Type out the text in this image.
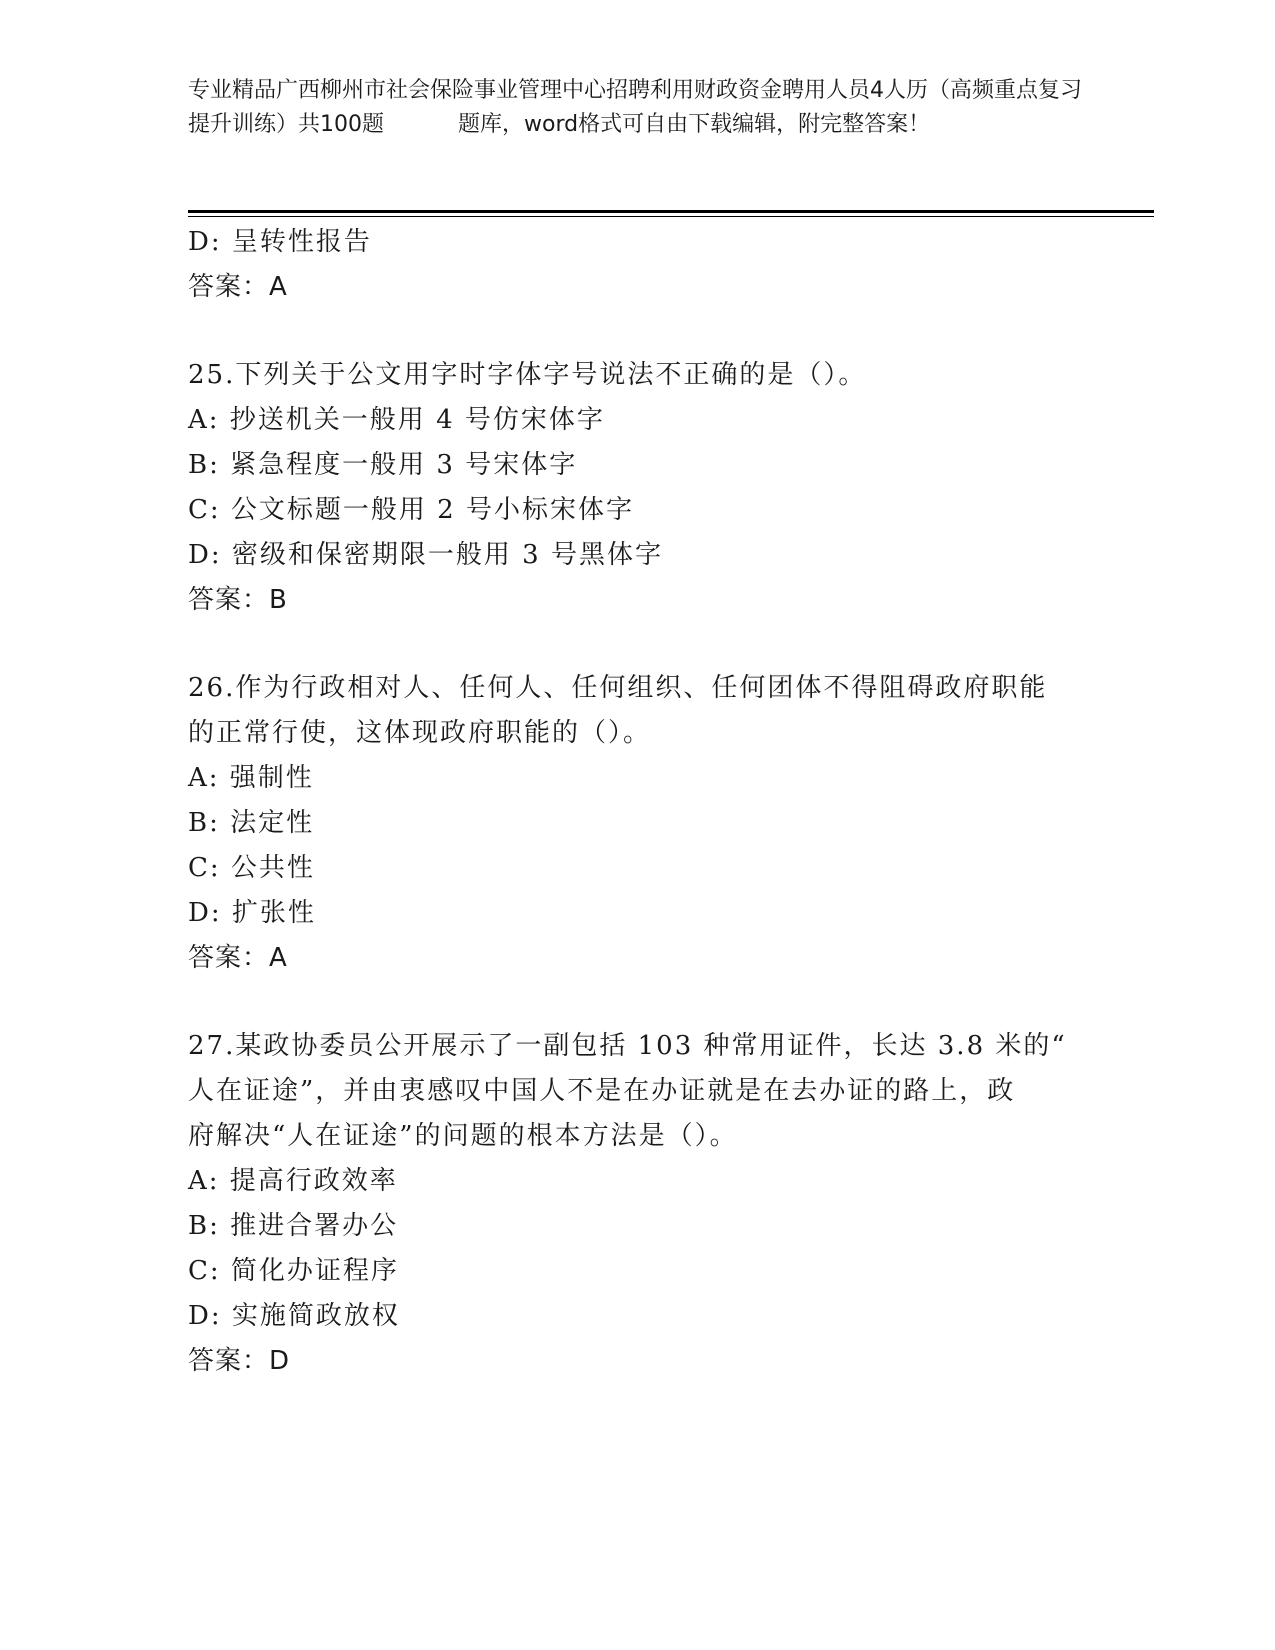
专业精品广西柳州市社会保险事业管理中心招聘利用财政资金聘用人员4人历（高频重点复习提升训练）共100题	题库，word格式可自由下载编辑，附完整答案！
D: 呈转性报告
答案：A
25.下列关于公文用字时字体字号说法不正确的是（）。
A: 抄送机关一般用 4 号仿宋体字
B: 紧急程度一般用 3 号宋体字
C: 公文标题一般用 2 号小标宋体字
D: 密级和保密期限一般用 3 号黑体字
答案：B
26.作为行政相对人、任何人、任何组织、任何团体不得阻碍政府职能
的正常行使，这体现政府职能的（）。
A: 强制性
B: 法定性
C: 公共性
D: 扩张性
答案：A
27.某政协委员公开展示了一副包括 103 种常用证件，长达 3.8 米的“
人在证途”，并由衷感叹中国人不是在办证就是在去办证的路上，政
府解决“人在证途”的问题的根本方法是（）。
A: 提高行政效率
B: 推进合署办公
C: 简化办证程序
D: 实施简政放权
答案：D
